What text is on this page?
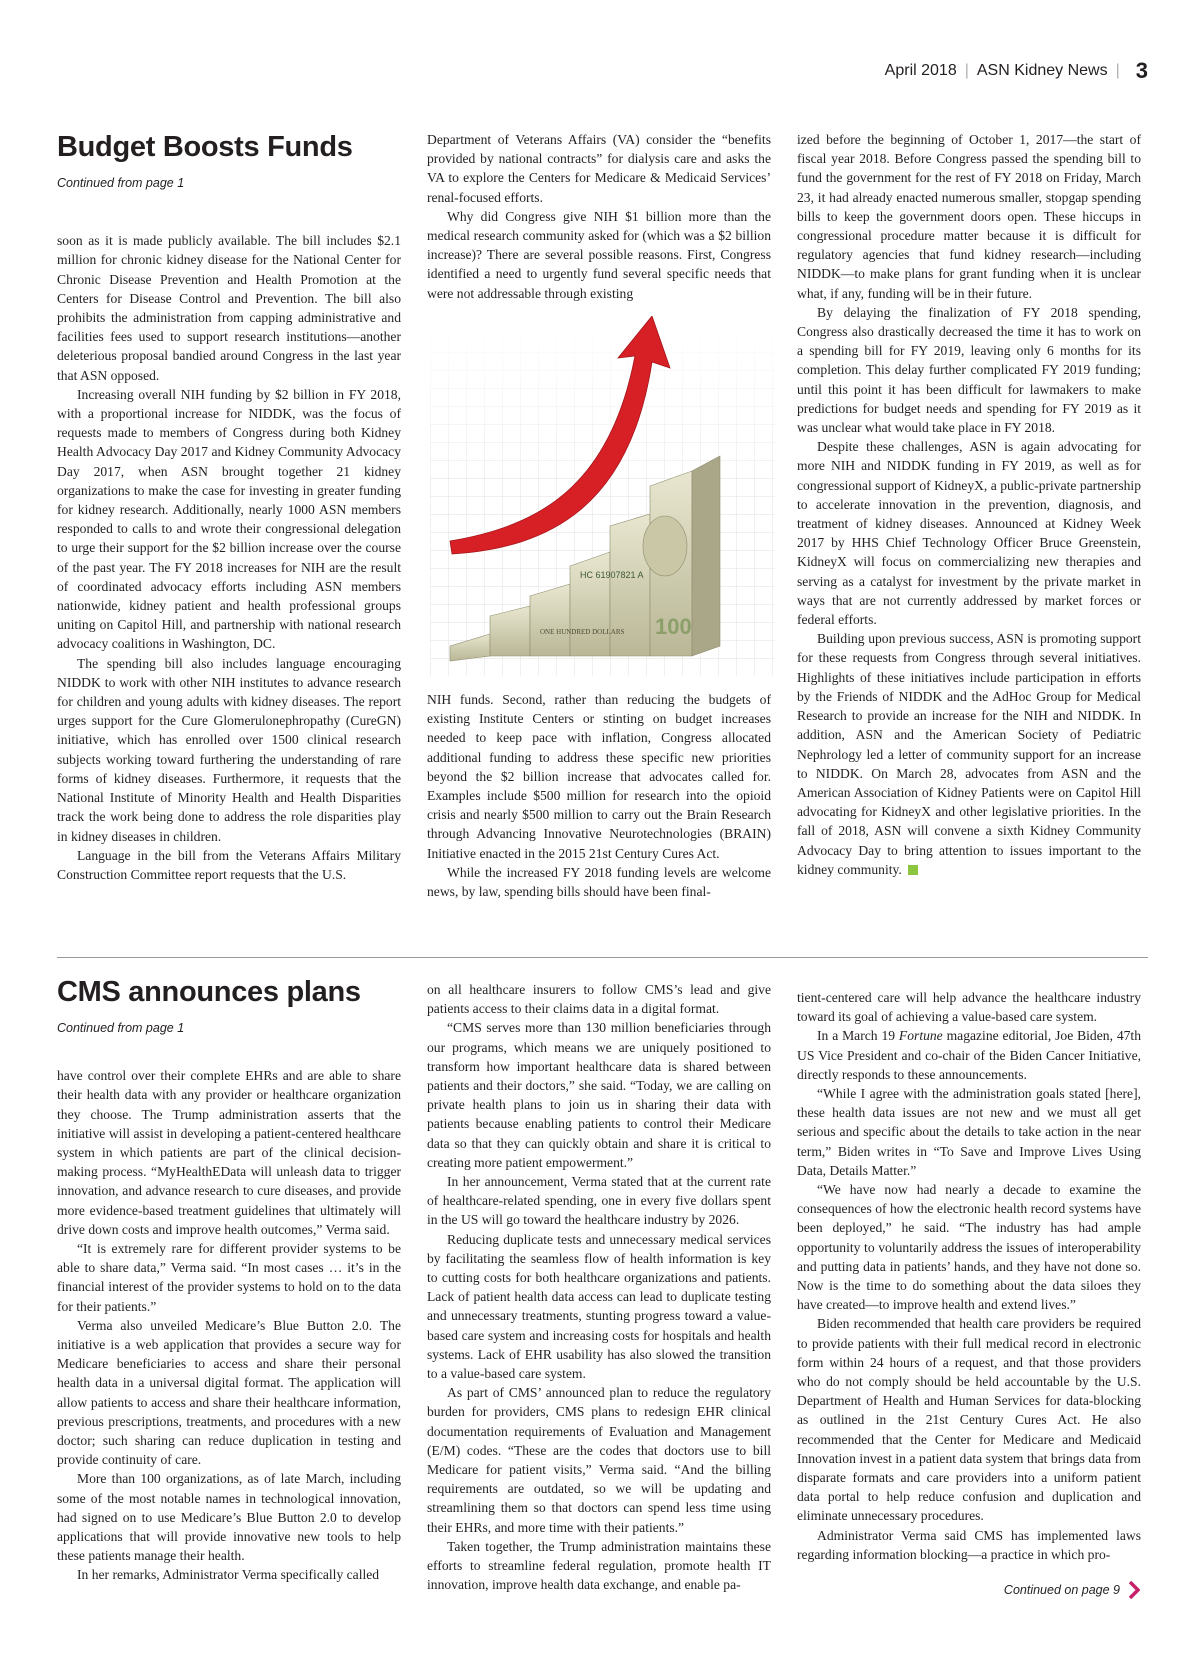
April 2018 | ASN Kidney News | 3
Budget Boosts Funds

Continued from page 1

soon as it is made publicly available. The bill includes $2.1 million for chronic kidney disease for the National Center for Chronic Disease Prevention and Health Promotion at the Centers for Disease Control and Prevention. The bill also prohibits the administration from capping administrative and facilities fees used to support research institutions—another deleterious proposal bandied around Congress in the last year that ASN opposed.

Increasing overall NIH funding by $2 billion in FY 2018, with a proportional increase for NIDDK, was the focus of requests made to members of Congress during both Kidney Health Advocacy Day 2017 and Kidney Community Advocacy Day 2017, when ASN brought together 21 kidney organizations to make the case for investing in greater funding for kidney research. Additionally, nearly 1000 ASN members responded to calls to and wrote their congressional delegation to urge their support for the $2 billion increase over the course of the past year. The FY 2018 increases for NIH are the result of coordinated advocacy efforts including ASN members nationwide, kidney patient and health professional groups uniting on Capitol Hill, and partnership with national research advocacy coalitions in Washington, DC.

The spending bill also includes language encouraging NIDDK to work with other NIH institutes to advance research for children and young adults with kidney diseases. The report urges support for the Cure Glomerulonephropathy (CureGN) initiative, which has enrolled over 1500 clinical research subjects working toward furthering the understanding of rare forms of kidney diseases. Furthermore, it requests that the National Institute of Minority Health and Health Disparities track the work being done to address the role disparities play in kidney diseases in children.

Language in the bill from the Veterans Affairs Military Construction Committee report requests that the U.S.

Department of Veterans Affairs (VA) consider the “benefits provided by national contracts” for dialysis care and asks the VA to explore the Centers for Medicare & Medicaid Services’ renal-focused efforts.

Why did Congress give NIH $1 billion more than the medical research community asked for (which was a $2 billion increase)? There are several possible reasons. First, Congress identified a need to urgently fund several specific needs that were not addressable through existing

HC 61907821 A
ONE HUNDRED DOLLARS 100

NIH funds. Second, rather than reducing the budgets of existing Institute Centers or stinting on budget increases needed to keep pace with inflation, Congress allocated additional funding to address these specific new priorities beyond the $2 billion increase that advocates called for. Examples include $500 million for research into the opioid crisis and nearly $500 million to carry out the Brain Research through Advancing Innovative Neurotechnologies (BRAIN) Initiative enacted in the 2015 21st Century Cures Act.

While the increased FY 2018 funding levels are welcome news, by law, spending bills should have been final-

ized before the beginning of October 1, 2017—the start of fiscal year 2018. Before Congress passed the spending bill to fund the government for the rest of FY 2018 on Friday, March 23, it had already enacted numerous smaller, stopgap spending bills to keep the government doors open. These hiccups in congressional procedure matter because it is difficult for regulatory agencies that fund kidney research—including NIDDK—to make plans for grant funding when it is unclear what, if any, funding will be in their future.

By delaying the finalization of FY 2018 spending, Congress also drastically decreased the time it has to work on a spending bill for FY 2019, leaving only 6 months for its completion. This delay further complicated FY 2019 funding; until this point it has been difficult for lawmakers to make predictions for budget needs and spending for FY 2019 as it was unclear what would take place in FY 2018.

Despite these challenges, ASN is again advocating for more NIH and NIDDK funding in FY 2019, as well as for congressional support of KidneyX, a public-private partnership to accelerate innovation in the prevention, diagnosis, and treatment of kidney diseases. Announced at Kidney Week 2017 by HHS Chief Technology Officer Bruce Greenstein, KidneyX will focus on commercializing new therapies and serving as a catalyst for investment by the private market in ways that are not currently addressed by market forces or federal efforts.

Building upon previous success, ASN is promoting support for these requests from Congress through several initiatives. Highlights of these initiatives include participation in efforts by the Friends of NIDDK and the AdHoc Group for Medical Research to provide an increase for the NIH and NIDDK. In addition, ASN and the American Society of Pediatric Nephrology led a letter of community support for an increase to NIDDK. On March 28, advocates from ASN and the American Association of Kidney Patients were on Capitol Hill advocating for KidneyX and other legislative priorities. In the fall of 2018, ASN will convene a sixth Kidney Community Advocacy Day to bring attention to issues important to the kidney community.

CMS announces plans

Continued from page 1

have control over their complete EHRs and are able to share their health data with any provider or healthcare organization they choose. The Trump administration asserts that the initiative will assist in developing a patient-centered healthcare system in which patients are part of the clinical decision-making process. “MyHealthEData will unleash data to trigger innovation, and advance research to cure diseases, and provide more evidence-based treatment guidelines that ultimately will drive down costs and improve health outcomes,” Verma said.

“It is extremely rare for different provider systems to be able to share data,” Verma said. “In most cases … it’s in the financial interest of the provider systems to hold on to the data for their patients.”

Verma also unveiled Medicare’s Blue Button 2.0. The initiative is a web application that provides a secure way for Medicare beneficiaries to access and share their personal health data in a universal digital format. The application will allow patients to access and share their healthcare information, previous prescriptions, treatments, and procedures with a new doctor; such sharing can reduce duplication in testing and provide continuity of care.

More than 100 organizations, as of late March, including some of the most notable names in technological innovation, had signed on to use Medicare’s Blue Button 2.0 to develop applications that will provide innovative new tools to help these patients manage their health.

In her remarks, Administrator Verma specifically called

on all healthcare insurers to follow CMS’s lead and give patients access to their claims data in a digital format.

“CMS serves more than 130 million beneficiaries through our programs, which means we are uniquely positioned to transform how important healthcare data is shared between patients and their doctors,” she said. “Today, we are calling on private health plans to join us in sharing their data with patients because enabling patients to control their Medicare data so that they can quickly obtain and share it is critical to creating more patient empowerment.”

In her announcement, Verma stated that at the current rate of healthcare-related spending, one in every five dollars spent in the US will go toward the healthcare industry by 2026.

Reducing duplicate tests and unnecessary medical services by facilitating the seamless flow of health information is key to cutting costs for both healthcare organizations and patients. Lack of patient health data access can lead to duplicate testing and unnecessary treatments, stunting progress toward a value-based care system and increasing costs for hospitals and health systems. Lack of EHR usability has also slowed the transition to a value-based care system.

As part of CMS’ announced plan to reduce the regulatory burden for providers, CMS plans to redesign EHR clinical documentation requirements of Evaluation and Management (E/M) codes. “These are the codes that doctors use to bill Medicare for patient visits,” Verma said. “And the billing requirements are outdated, so we will be updating and streamlining them so that doctors can spend less time using their EHRs, and more time with their patients.”

Taken together, the Trump administration maintains these efforts to streamline federal regulation, promote health IT innovation, improve health data exchange, and enable pa-

tient-centered care will help advance the healthcare industry toward its goal of achieving a value-based care system.

In a March 19 Fortune magazine editorial, Joe Biden, 47th US Vice President and co-chair of the Biden Cancer Initiative, directly responds to these announcements.

“While I agree with the administration goals stated [here], these health data issues are not new and we must all get serious and specific about the details to take action in the near term,” Biden writes in “To Save and Improve Lives Using Data, Details Matter.”

“We have now had nearly a decade to examine the consequences of how the electronic health record systems have been deployed,” he said. “The industry has had ample opportunity to voluntarily address the issues of interoperability and putting data in patients’ hands, and they have not done so. Now is the time to do something about the data siloes they have created—to improve health and extend lives.”

Biden recommended that health care providers be required to provide patients with their full medical record in electronic form within 24 hours of a request, and that those providers who do not comply should be held accountable by the U.S. Department of Health and Human Services for data-blocking as outlined in the 21st Century Cures Act. He also recommended that the Center for Medicare and Medicaid Innovation invest in a patient data system that brings data from disparate formats and care providers into a uniform patient data portal to help reduce confusion and duplication and eliminate unnecessary procedures.

Administrator Verma said CMS has implemented laws regarding information blocking—a practice in which pro-

Continued on page 9
